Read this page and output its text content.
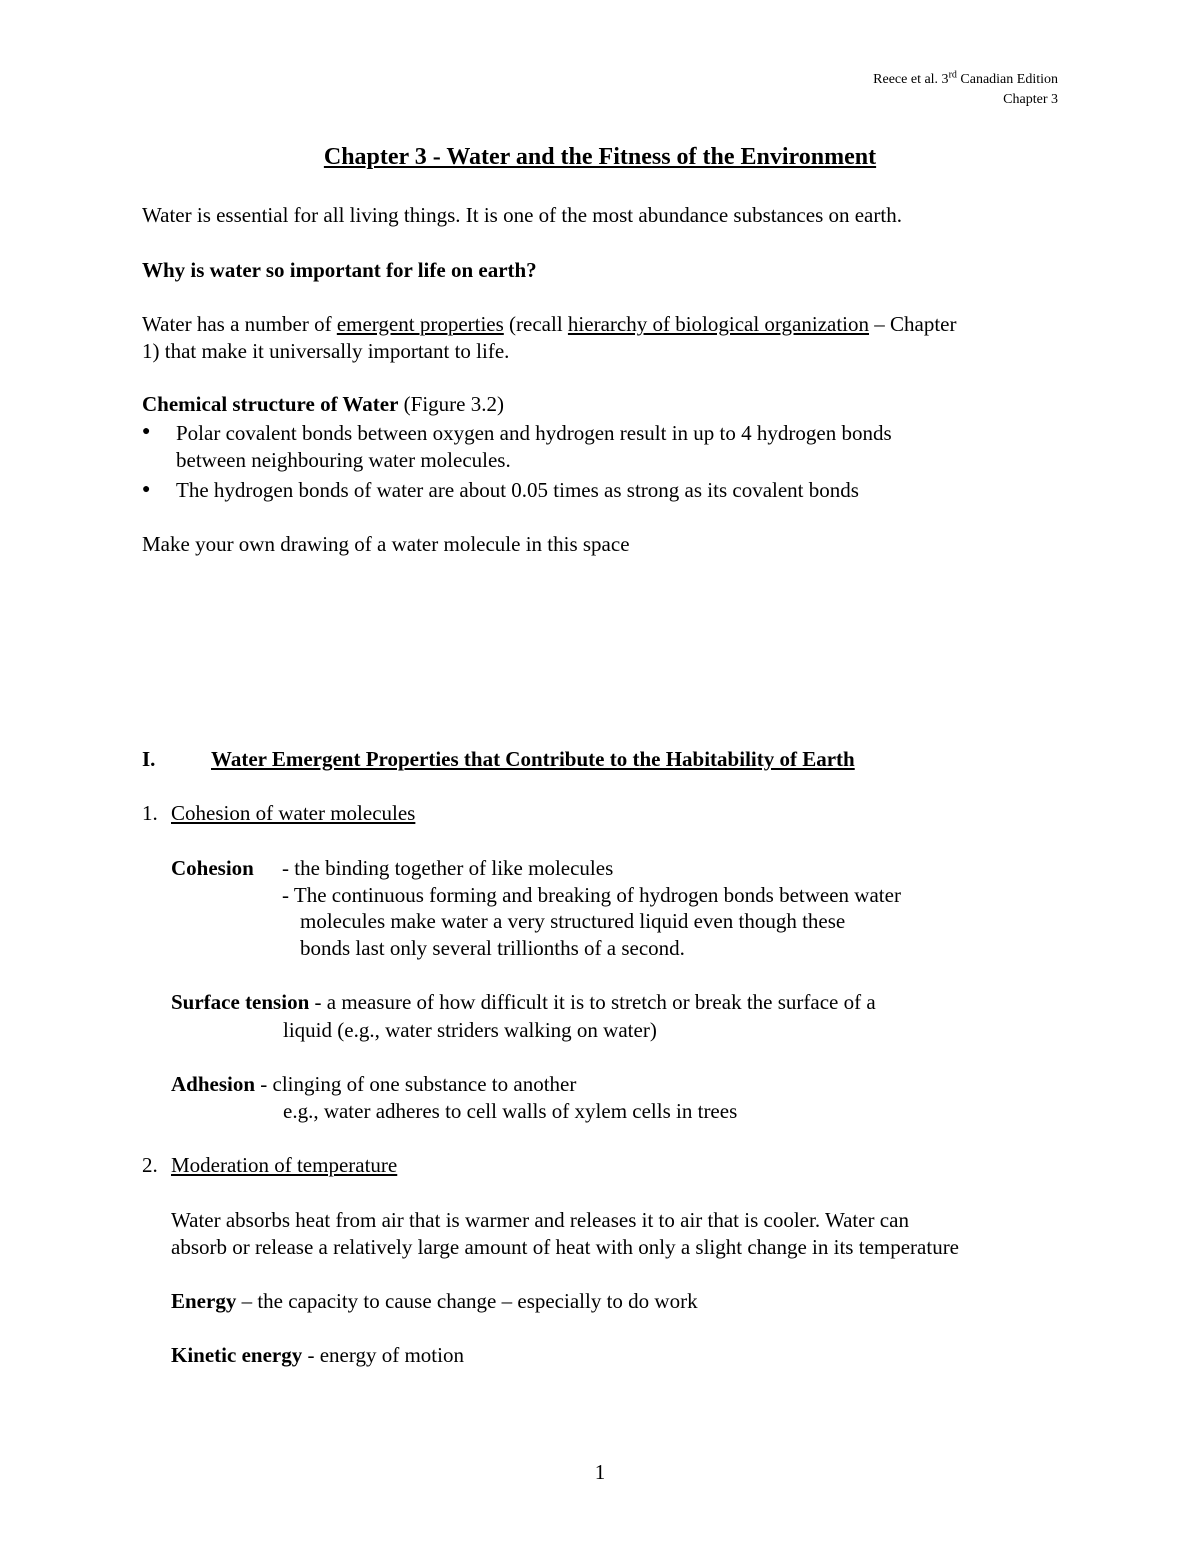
Reece et al. 3rd Canadian Edition
Chapter 3
Chapter 3 - Water and the Fitness of the Environment
Water is essential for all living things. It is one of the most abundance substances on earth.
Why is water so important for life on earth?
Water has a number of emergent properties (recall hierarchy of biological organization – Chapter
1) that make it universally important to life.
Chemical structure of Water (Figure 3.2)
● Polar covalent bonds between oxygen and hydrogen result in up to 4 hydrogen bonds
between neighbouring water molecules.
● The hydrogen bonds of water are about 0.05 times as strong as its covalent bonds
Make your own drawing of a water molecule in this space
I.	Water Emergent Properties that Contribute to the Habitability of Earth
1. Cohesion of water molecules
Cohesion - the binding together of like molecules
- The continuous forming and breaking of hydrogen bonds between water
molecules make water a very structured liquid even though these
bonds last only several trillionths of a second.
Surface tension - a measure of how difficult it is to stretch or break the surface of a
liquid (e.g., water striders walking on water)
Adhesion - clinging of one substance to another
e.g., water adheres to cell walls of xylem cells in trees
2. Moderation of temperature
Water absorbs heat from air that is warmer and releases it to air that is cooler. Water can
absorb or release a relatively large amount of heat with only a slight change in its temperature
Energy – the capacity to cause change – especially to do work
Kinetic energy - energy of motion
1
